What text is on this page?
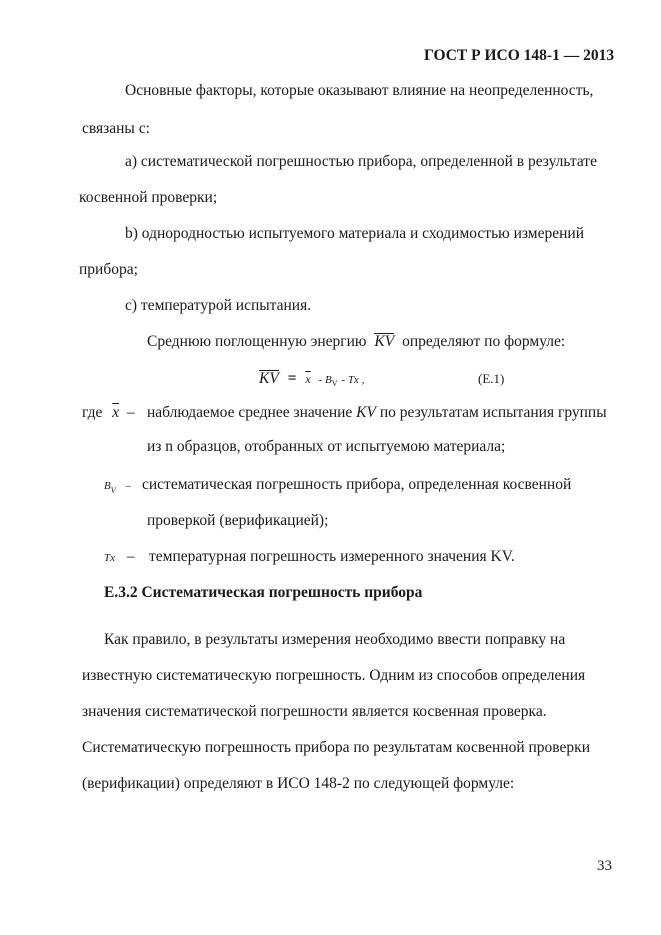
ГОСТ Р ИСО 148-1 — 2013
Основные факторы, которые оказывают влияние на неопределенность,
связаны с:
а) систематической погрешностью прибора, определенной в результате
косвенной проверки;
b) однородностью испытуемого материала и сходимостью измерений
прибора;
с) температурой испытания.
Среднюю поглощенную энергию KV определяют по формуле:
KV = $\overline{x} - B_V$ - Tx ,	(Е.1)
где $\overline{x}$ – наблюдаемое среднее значение KV по результатам испытания группы
из n образцов, отобранных от испытуемою материала;
$B_V$ – систематическая погрешность прибора, определенная косвенной
проверкой (верификацией);
Tx – температурная погрешность измеренного значения KV.
Е.3.2 Систематическая погрешность прибора
Как правило, в результаты измерения необходимо ввести поправку на
известную систематическую погрешность. Одним из способов определения
значения систематической погрешности является косвенная проверка.
Систематическую погрешность прибора по результатам косвенной проверки
(верификации) определяют в ИСО 148-2 по следующей формуле:
33
